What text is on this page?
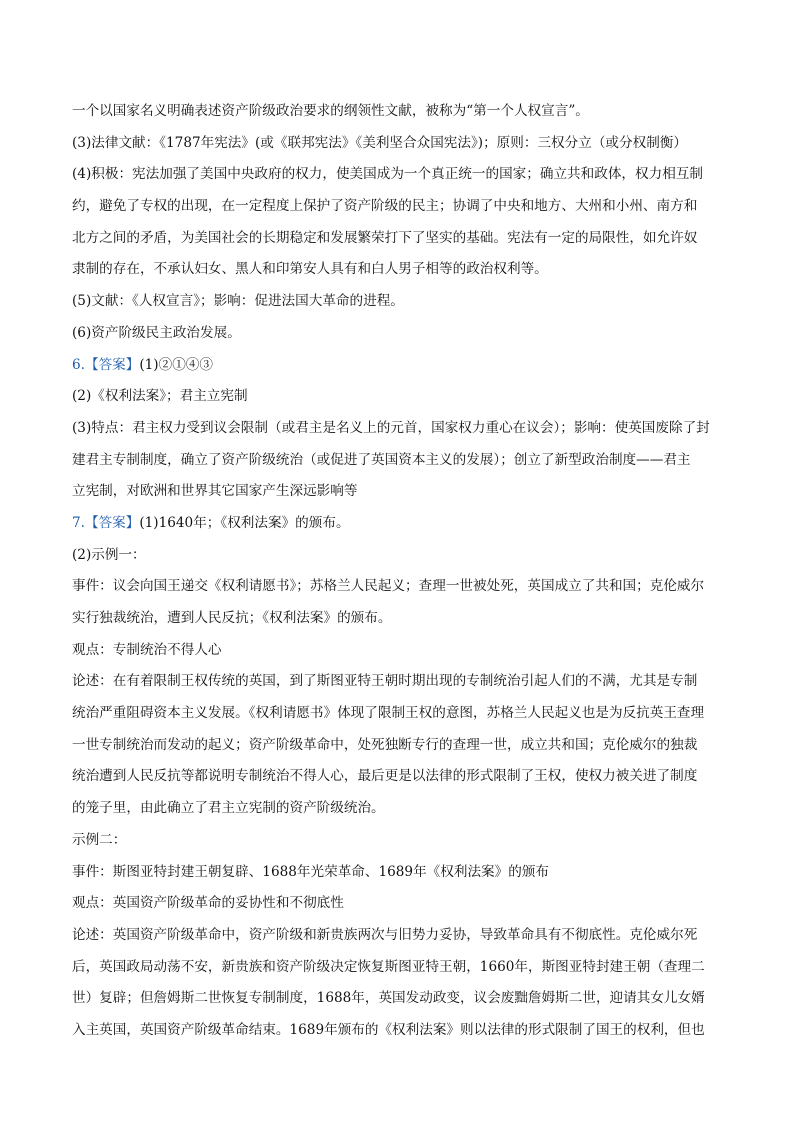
一个以国家名义明确表述资产阶级政治要求的纲领性文献，被称为“第一个人权宣言”。
(3)法律文献：《1787年宪法》(或《联邦宪法》《美利坚合众国宪法》)；原则：三权分立（或分权制衡）
(4)积极：宪法加强了美国中央政府的权力，使美国成为一个真正统一的国家；确立共和政体，权力相互制
约，避免了专权的出现，在一定程度上保护了资产阶级的民主；协调了中央和地方、大州和小州、南方和
北方之间的矛盾，为美国社会的长期稳定和发展繁荣打下了坚实的基础。宪法有一定的局限性，如允许奴
隶制的存在，不承认妇女、黑人和印第安人具有和白人男子相等的政治权利等。
(5)文献：《人权宣言》；影响：促进法国大革命的进程。
(6)资产阶级民主政治发展。
6.【答案】(1)②①④③
(2)《权利法案》；君主立宪制
(3)特点：君主权力受到议会限制（或君主是名义上的元首，国家权力重心在议会）；影响：使英国废除了封
建君主专制制度，确立了资产阶级统治（或促进了英国资本主义的发展）；创立了新型政治制度——君主
立宪制，对欧洲和世界其它国家产生深远影响等
7.【答案】(1)1640年；《权利法案》的颁布。
(2)示例一：
事件：议会向国王递交《权利请愿书》；苏格兰人民起义；查理一世被处死，英国成立了共和国；克伦威尔
实行独裁统治，遭到人民反抗；《权利法案》的颁布。
观点：专制统治不得人心
论述：在有着限制王权传统的英国，到了斯图亚特王朝时期出现的专制统治引起人们的不满，尤其是专制
统治严重阻碍资本主义发展。《权利请愿书》体现了限制王权的意图，苏格兰人民起义也是为反抗英王查理
一世专制统治而发动的起义；资产阶级革命中，处死独断专行的查理一世，成立共和国；克伦威尔的独裁
统治遭到人民反抗等都说明专制统治不得人心，最后更是以法律的形式限制了王权，使权力被关进了制度
的笼子里，由此确立了君主立宪制的资产阶级统治。
示例二：
事件：斯图亚特封建王朝复辟、1688年光荣革命、1689年《权利法案》的颁布
观点：英国资产阶级革命的妥协性和不彻底性
论述：英国资产阶级革命中，资产阶级和新贵族两次与旧势力妥协，导致革命具有不彻底性。克伦威尔死
后，英国政局动荡不安，新贵族和资产阶级决定恢复斯图亚特王朝，1660年，斯图亚特封建王朝（查理二
世）复辟；但詹姆斯二世恢复专制制度，1688年，英国发动政变，议会废黜詹姆斯二世，迎请其女儿女婿
入主英国，英国资产阶级革命结束。1689年颁布的《权利法案》则以法律的形式限制了国王的权利，但也
